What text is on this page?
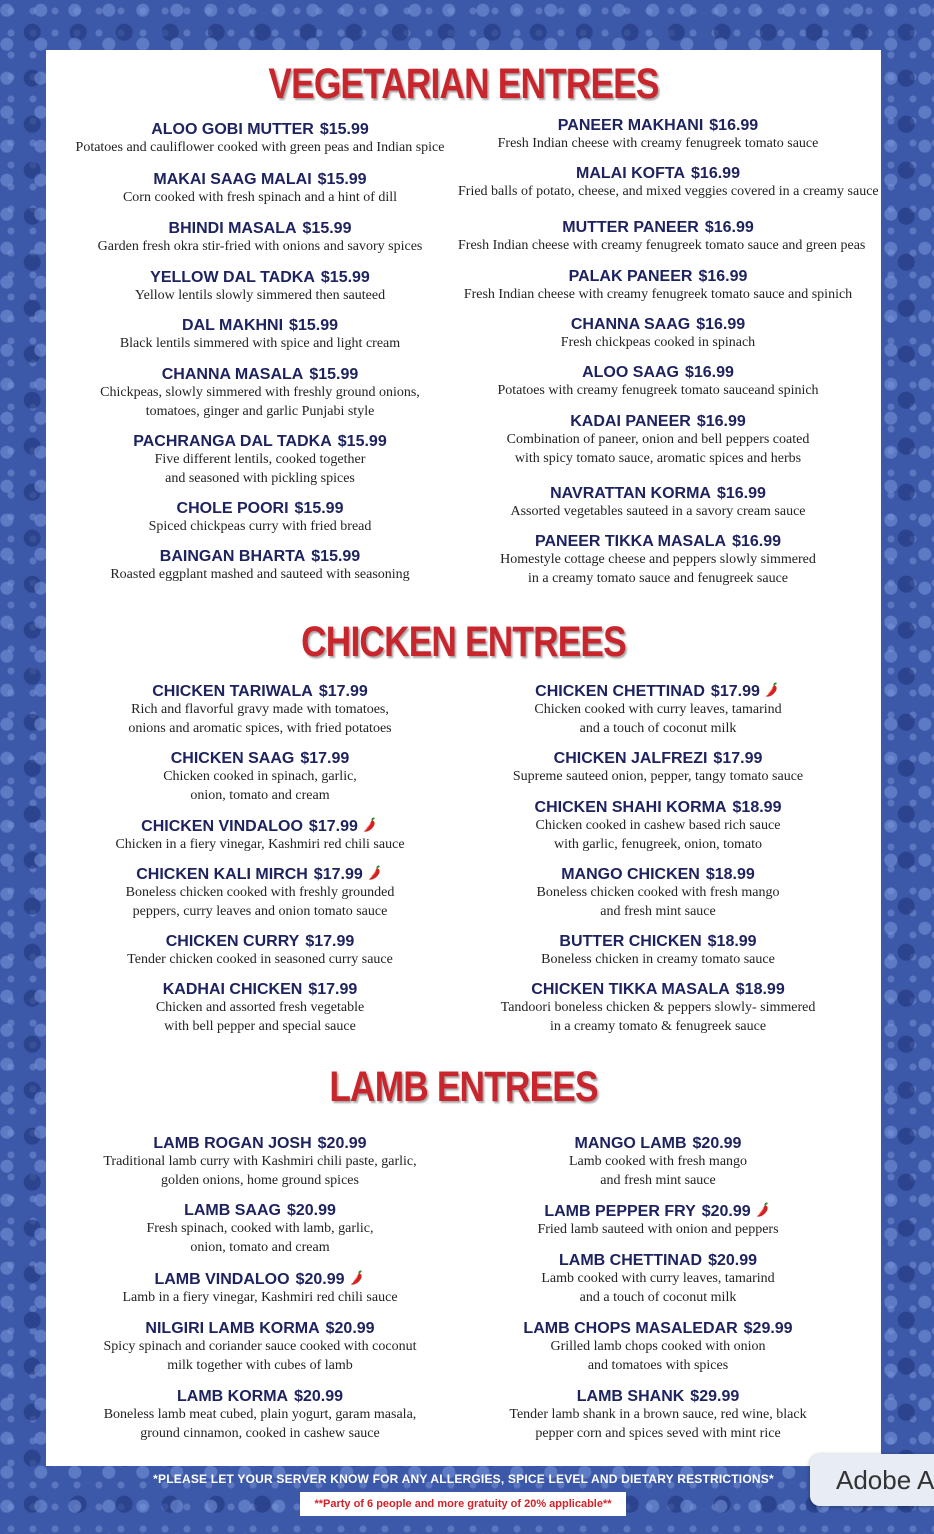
VEGETARIAN ENTREES
CHICKEN ENTREES
LAMB ENTREES
ALOO GOBI MUTTER $15.99
Potatoes and cauliflower cooked with green peas and Indian spice
MAKAI SAAG MALAI $15.99
Corn cooked with fresh spinach and a hint of dill
BHINDI MASALA $15.99
Garden fresh okra stir-fried with onions and savory spices
YELLOW DAL TADKA $15.99
Yellow lentils slowly simmered then sauteed
DAL MAKHNI $15.99
Black lentils simmered with spice and light cream
CHANNA MASALA $15.99
Chickpeas, slowly simmered with freshly ground onions,
tomatoes, ginger and garlic Punjabi style
PACHRANGA DAL TADKA $15.99
Five different lentils, cooked together
and seasoned with pickling spices
CHOLE POORI $15.99
Spiced chickpeas curry with fried bread
BAINGAN BHARTA $15.99
Roasted eggplant mashed and sauteed with seasoning
PANEER MAKHANI $16.99
Fresh Indian cheese with creamy fenugreek tomato sauce
MALAI KOFTA $16.99
Fried balls of potato, cheese, and mixed veggies covered in a creamy sauce
MUTTER PANEER $16.99
Fresh Indian cheese with creamy fenugreek tomato sauce and green peas
PALAK PANEER $16.99
Fresh Indian cheese with creamy fenugreek tomato sauce and spinich
CHANNA SAAG $16.99
Fresh chickpeas cooked in spinach
ALOO SAAG $16.99
Potatoes with creamy fenugreek tomato sauceand spinich
KADAI PANEER $16.99
Combination of paneer, onion and bell peppers coated
with spicy tomato sauce, aromatic spices and herbs
NAVRATTAN KORMA $16.99
Assorted vegetables sauteed in a savory cream sauce
PANEER TIKKA MASALA $16.99
Homestyle cottage cheese and peppers slowly simmered
in a creamy tomato sauce and fenugreek sauce
CHICKEN TARIWALA $17.99
Rich and flavorful gravy made with tomatoes,
onions and aromatic spices, with fried potatoes
CHICKEN SAAG $17.99
Chicken cooked in spinach, garlic,
onion, tomato and cream
CHICKEN VINDALOO $17.99
Chicken in a fiery vinegar, Kashmiri red chili sauce
CHICKEN KALI MIRCH $17.99
Boneless chicken cooked with freshly grounded
peppers, curry leaves and onion tomato sauce
CHICKEN CURRY $17.99
Tender chicken cooked in seasoned curry sauce
KADHAI CHICKEN $17.99
Chicken and assorted fresh vegetable
with bell pepper and special sauce
CHICKEN CHETTINAD $17.99
Chicken cooked with curry leaves, tamarind
and a touch of coconut milk
CHICKEN JALFREZI $17.99
Supreme sauteed onion, pepper, tangy tomato sauce
CHICKEN SHAHI KORMA $18.99
Chicken cooked in cashew based rich sauce
with garlic, fenugreek, onion, tomato
MANGO CHICKEN $18.99
Boneless chicken cooked with fresh mango
and fresh mint sauce
BUTTER CHICKEN $18.99
Boneless chicken in creamy tomato sauce
CHICKEN TIKKA MASALA $18.99
Tandoori boneless chicken & peppers slowly- simmered
in a creamy tomato & fenugreek sauce
LAMB ROGAN JOSH $20.99
Traditional lamb curry with Kashmiri chili paste, garlic,
golden onions, home ground spices
LAMB SAAG $20.99
Fresh spinach, cooked with lamb, garlic,
onion, tomato and cream
LAMB VINDALOO $20.99
Lamb in a fiery vinegar, Kashmiri red chili sauce
NILGIRI LAMB KORMA $20.99
Spicy spinach and coriander sauce cooked with coconut
milk together with cubes of lamb
LAMB KORMA $20.99
Boneless lamb meat cubed, plain yogurt, garam masala,
ground cinnamon, cooked in cashew sauce
MANGO LAMB $20.99
Lamb cooked with fresh mango
and fresh mint sauce
LAMB PEPPER FRY $20.99
Fried lamb sauteed with onion and peppers
LAMB CHETTINAD $20.99
Lamb cooked with curry leaves, tamarind
and a touch of coconut milk
LAMB CHOPS MASALEDAR $29.99
Grilled lamb chops cooked with onion
and tomatoes with spices
LAMB SHANK $29.99
Tender lamb shank in a brown sauce, red wine, black
pepper corn and spices seved with mint rice
*PLEASE LET YOUR SERVER KNOW FOR ANY ALLERGIES, SPICE LEVEL AND DIETARY RESTRICTIONS*
**Party of 6 people and more gratuity of 20% applicable**
Adobe A
